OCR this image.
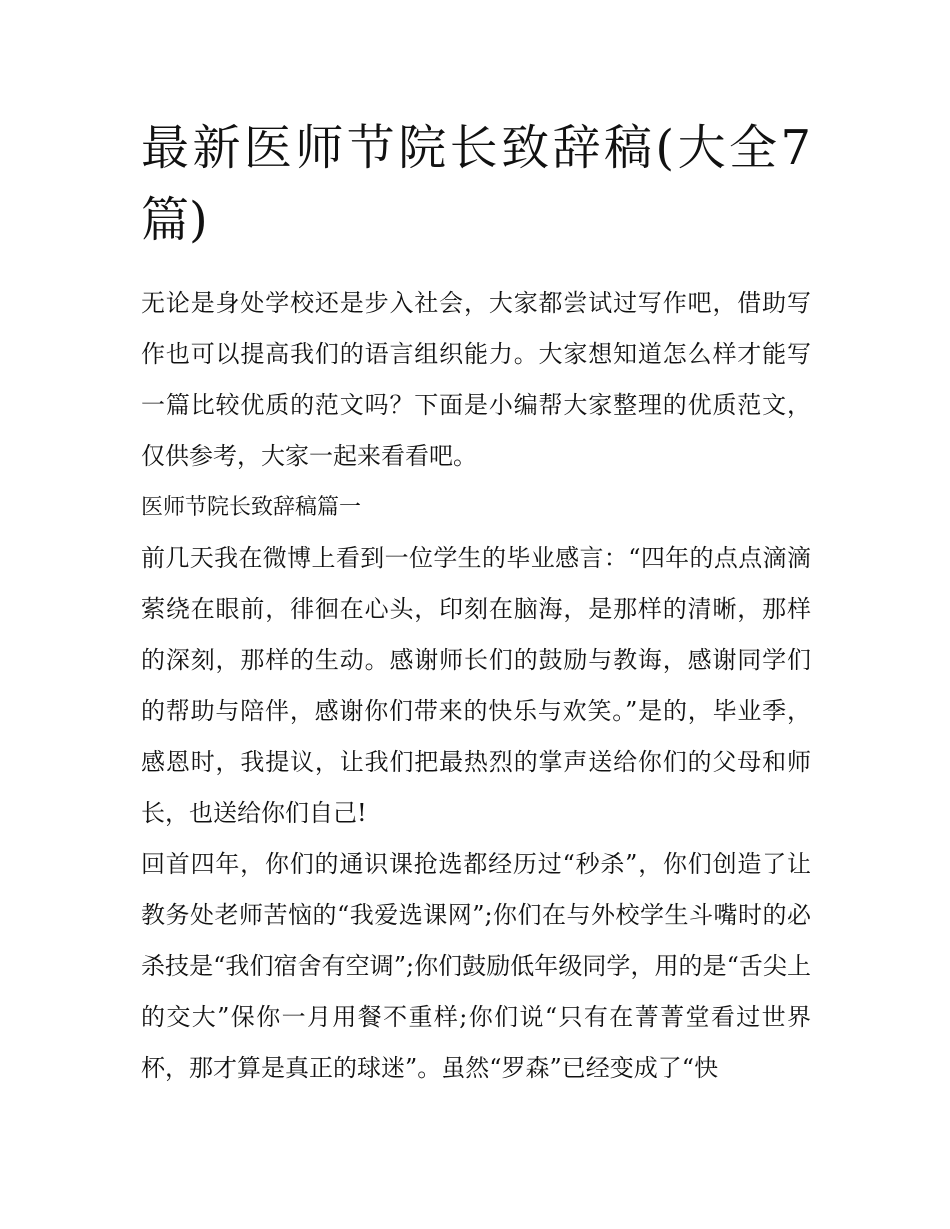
最新医师节院长致辞稿(大全7篇)

无论是身处学校还是步入社会，大家都尝试过写作吧，借助写作也可以提高我们的语言组织能力。大家想知道怎么样才能写一篇比较优质的范文吗？下面是小编帮大家整理的优质范文，仅供参考，大家一起来看看吧。

医师节院长致辞稿篇一

前几天我在微博上看到一位学生的毕业感言：“四年的点点滴滴萦绕在眼前，徘徊在心头，印刻在脑海，是那样的清晰，那样的深刻，那样的生动。感谢师长们的鼓励与教诲，感谢同学们的帮助与陪伴，感谢你们带来的快乐与欢笑。”是的，毕业季，感恩时，我提议，让我们把最热烈的掌声送给你们的父母和师长，也送给你们自己!

回首四年，你们的通识课抢选都经历过“秒杀”，你们创造了让教务处老师苦恼的“我爱选课网”;你们在与外校学生斗嘴时的必杀技是“我们宿舍有空调”;你们鼓励低年级同学，用的是“舌尖上的交大”保你一月用餐不重样;你们说“只有在菁菁堂看过世界杯，那才算是真正的球迷”。虽然“罗森”已经变成了“快
